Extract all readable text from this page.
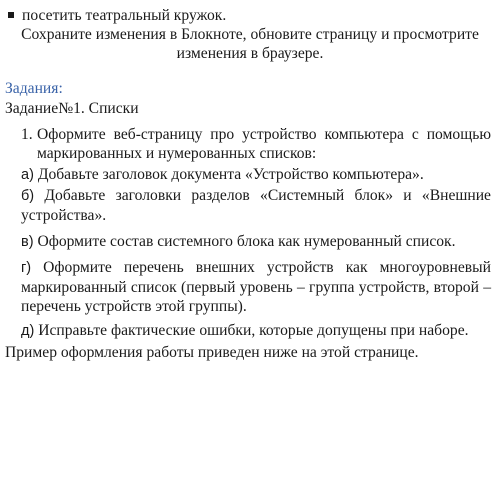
посетить театральный кружок.
Сохраните изменения в Блокноте, обновите страницу и просмотрите
изменения в браузере.
Задания:
Задание№1. Списки
1. Оформите веб-страницу про устройство компьютера с помощью маркированных и нумерованных списков:
а) Добавьте заголовок документа «Устройство компьютера».
б) Добавьте заголовки разделов «Системный блок» и «Внешние устройства».
в) Оформите состав системного блока как нумерованный список.
г) Оформите перечень внешних устройств как многоуровневый маркированный список (первый уровень – группа устройств, второй – перечень устройств этой группы).
д) Исправьте фактические ошибки, которые допущены при наборе.
Пример оформления работы приведен ниже на этой странице.
